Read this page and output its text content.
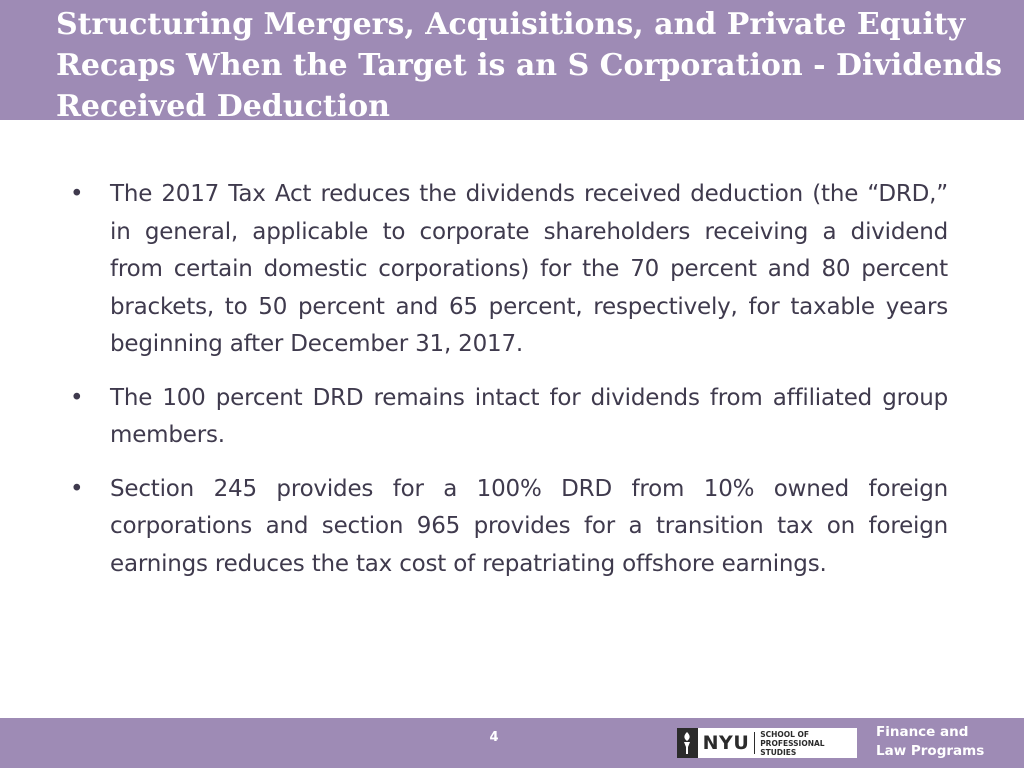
Structuring Mergers, Acquisitions, and Private Equity Recaps When the Target is an S Corporation - Dividends Received Deduction
• The 2017 Tax Act reduces the dividends received deduction (the “DRD,” in general, applicable to corporate shareholders receiving a dividend from certain domestic corporations) for the 70 percent and 80 percent brackets, to 50 percent and 65 percent, respectively, for taxable years beginning after December 31, 2017.
• The 100 percent DRD remains intact for dividends from affiliated group members.
• Section 245 provides for a 100% DRD from 10% owned foreign corporations and section 965 provides for a transition tax on foreign earnings reduces the tax cost of repatriating offshore earnings.
4	NYU SCHOOL OF
PROFESSIONAL STUDIES
Finance and
Law Programs
